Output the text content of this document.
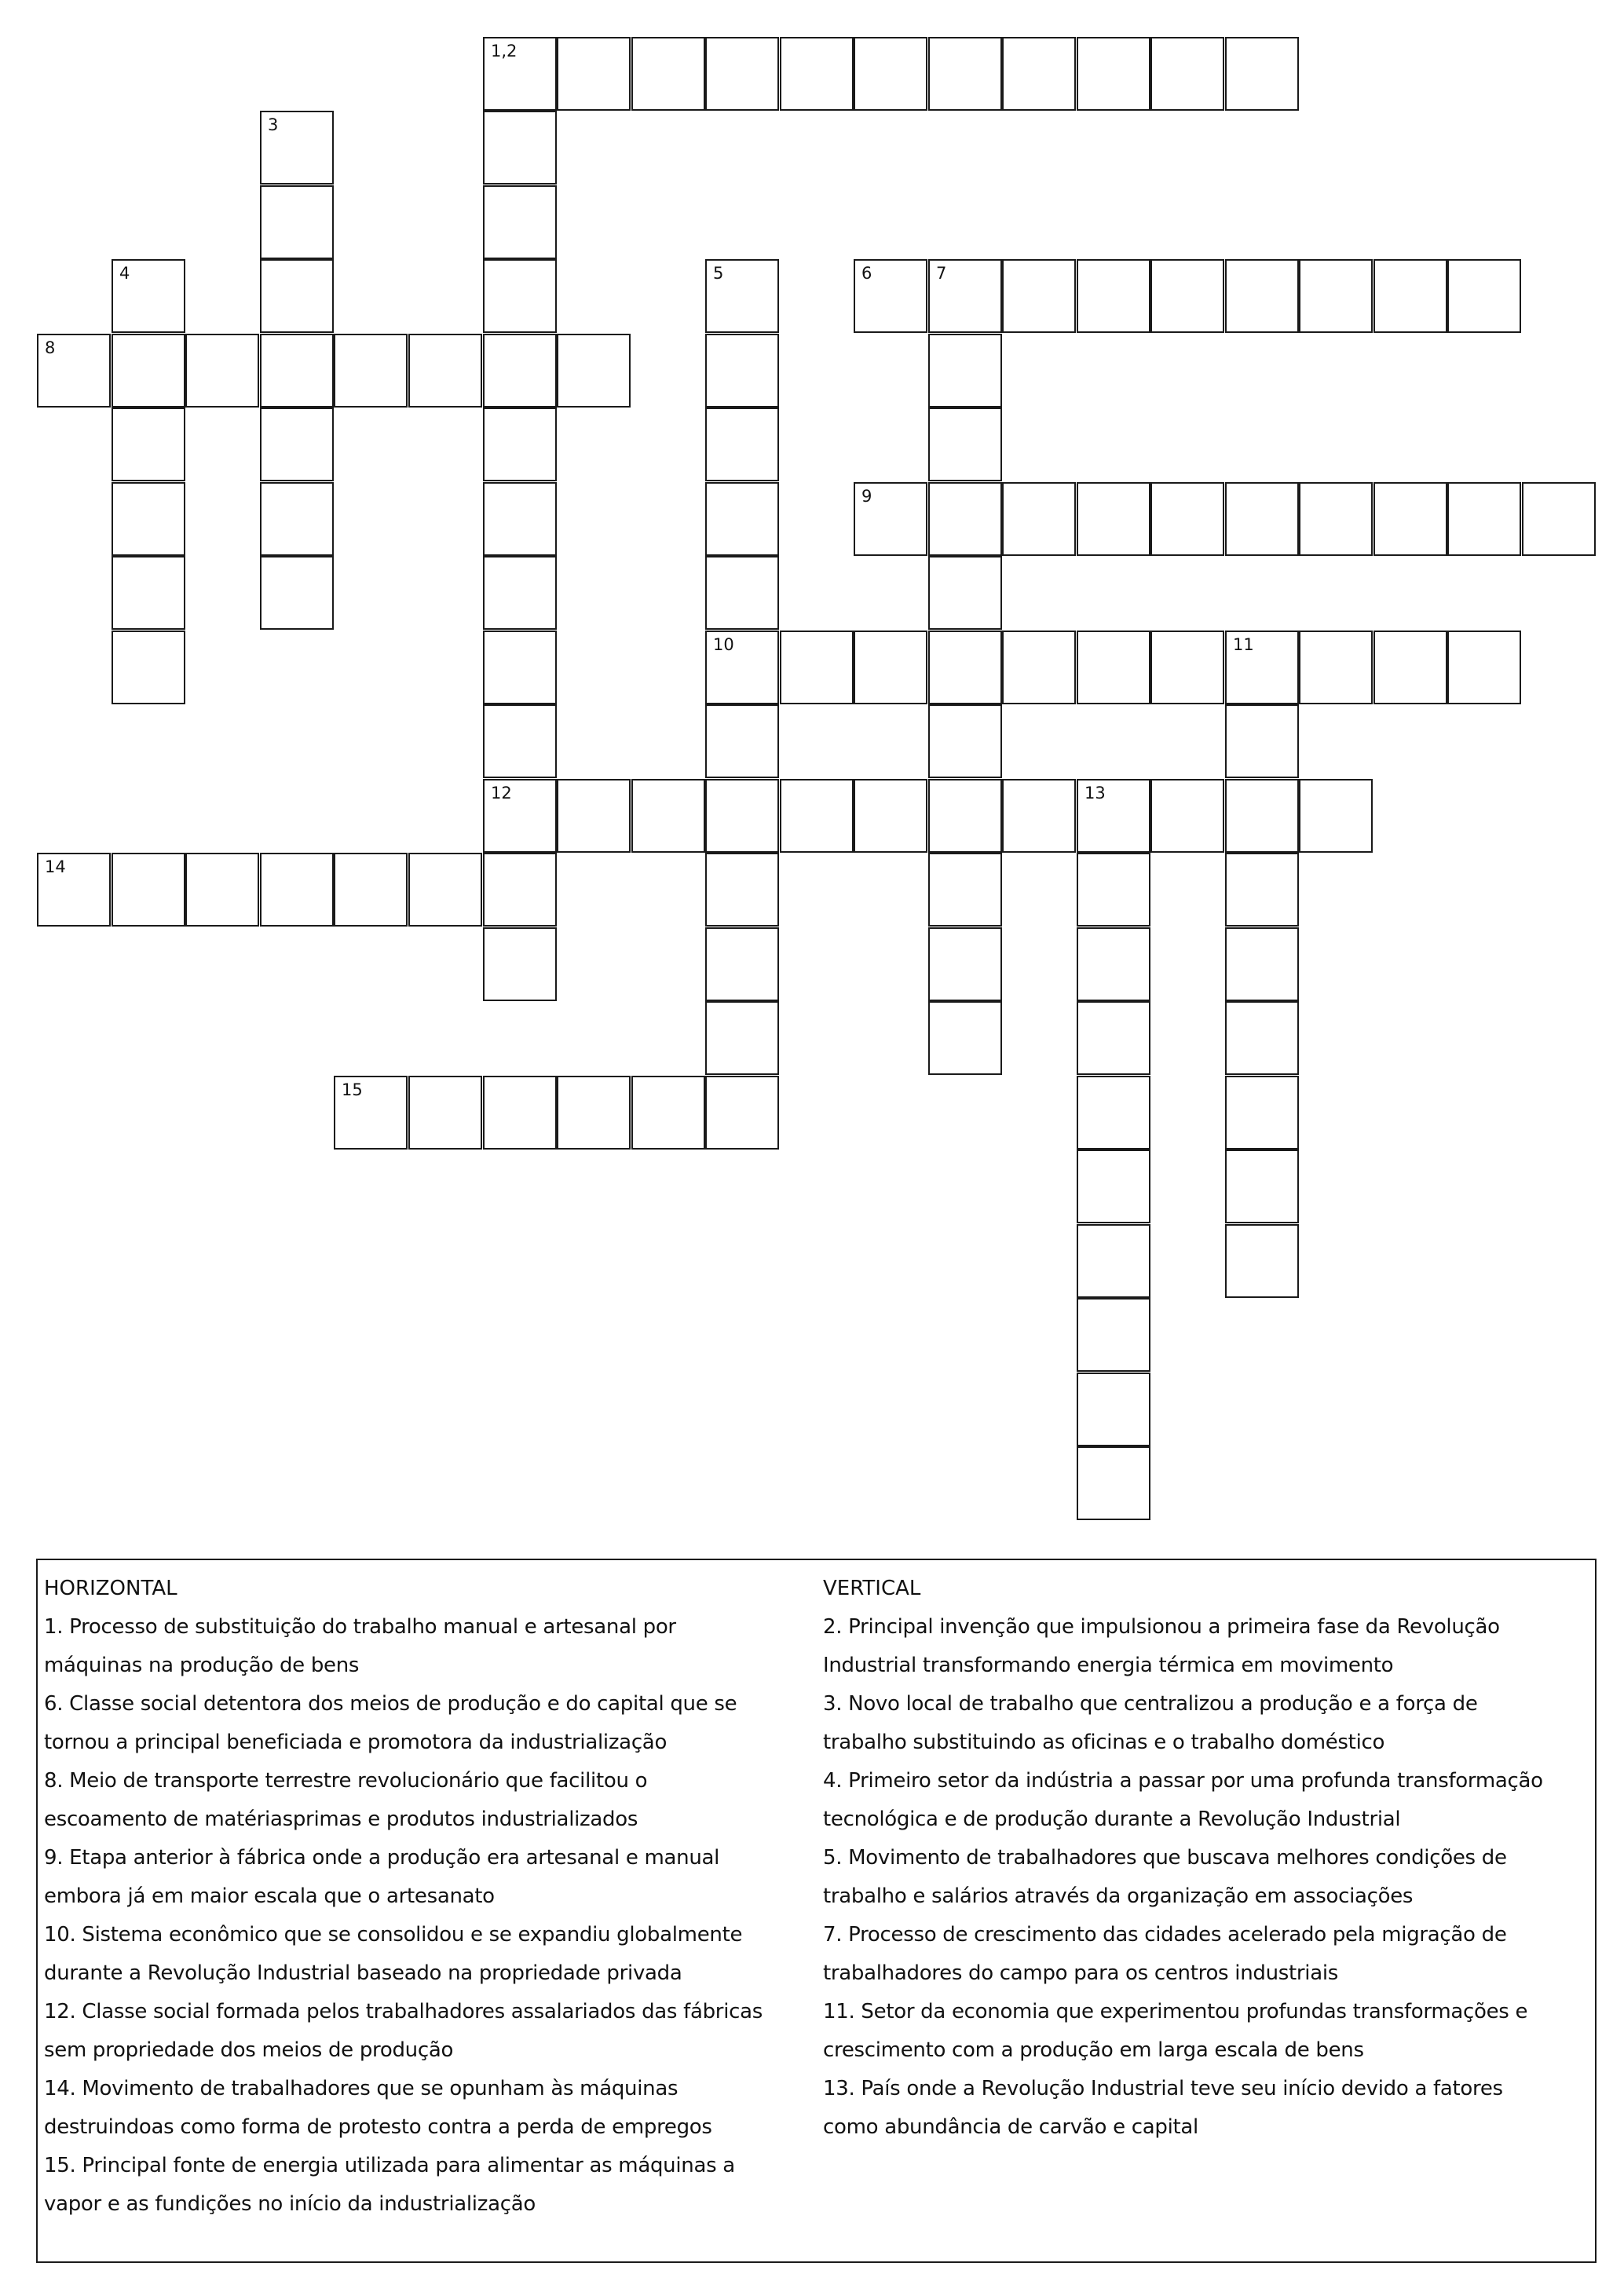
1,2
3
4	5	6	7
8
9
10	11
12	13
14
15
HORIZONTAL
1. Processo de substituição do trabalho manual e artesanal por
máquinas na produção de bens
6. Classe social detentora dos meios de produção e do capital que se
tornou a principal beneficiada e promotora da industrialização
8. Meio de transporte terrestre revolucionário que facilitou o
escoamento de matériasprimas e produtos industrializados
9. Etapa anterior à fábrica onde a produção era artesanal e manual
embora já em maior escala que o artesanato
10. Sistema econômico que se consolidou e se expandiu globalmente
durante a Revolução Industrial baseado na propriedade privada
12. Classe social formada pelos trabalhadores assalariados das fábricas
sem propriedade dos meios de produção
14. Movimento de trabalhadores que se opunham às máquinas
destruindoas como forma de protesto contra a perda de empregos
15. Principal fonte de energia utilizada para alimentar as máquinas a
vapor e as fundições no início da industrialização
VERTICAL
2. Principal invenção que impulsionou a primeira fase da Revolução
Industrial transformando energia térmica em movimento
3. Novo local de trabalho que centralizou a produção e a força de
trabalho substituindo as oficinas e o trabalho doméstico
4. Primeiro setor da indústria a passar por uma profunda transformação
tecnológica e de produção durante a Revolução Industrial
5. Movimento de trabalhadores que buscava melhores condições de
trabalho e salários através da organização em associações
7. Processo de crescimento das cidades acelerado pela migração de
trabalhadores do campo para os centros industriais
11. Setor da economia que experimentou profundas transformações e
crescimento com a produção em larga escala de bens
13. País onde a Revolução Industrial teve seu início devido a fatores
como abundância de carvão e capital
